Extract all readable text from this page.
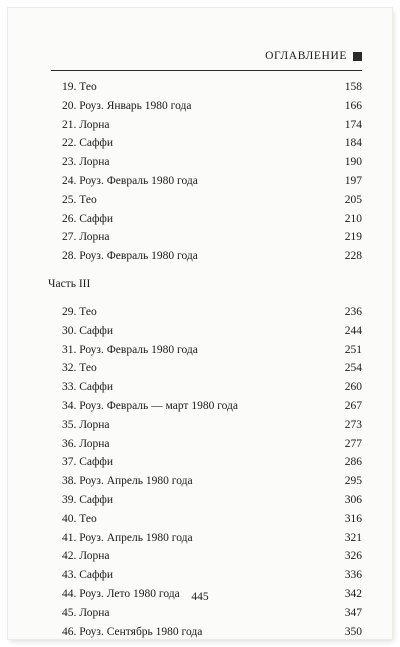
ОГЛАВЛЕНИЕ
19. Тео	158
20. Роуз. Январь 1980 года	166
21. Лорна	174
22. Саффи	184
23. Лорна	190
24. Роуз. Февраль 1980 года	197
25. Тео	205
26. Саффи	210
27. Лорна	219
28. Роуз. Февраль 1980 года	228
Часть III
29. Тео	236
30. Саффи	244
31. Роуз. Февраль 1980 года	251
32. Тео	254
33. Саффи	260
34. Роуз. Февраль — март 1980 года	267
35. Лорна	273
36. Лорна	277
37. Саффи	286
38. Роуз. Апрель 1980 года	295
39. Саффи	306
40. Тео	316
41. Роуз. Апрель 1980 года	321
42. Лорна	326
43. Саффи	336
44. Роуз. Лето 1980 года	342
45. Лорна	347
46. Роуз. Сентябрь 1980 года	350
445
